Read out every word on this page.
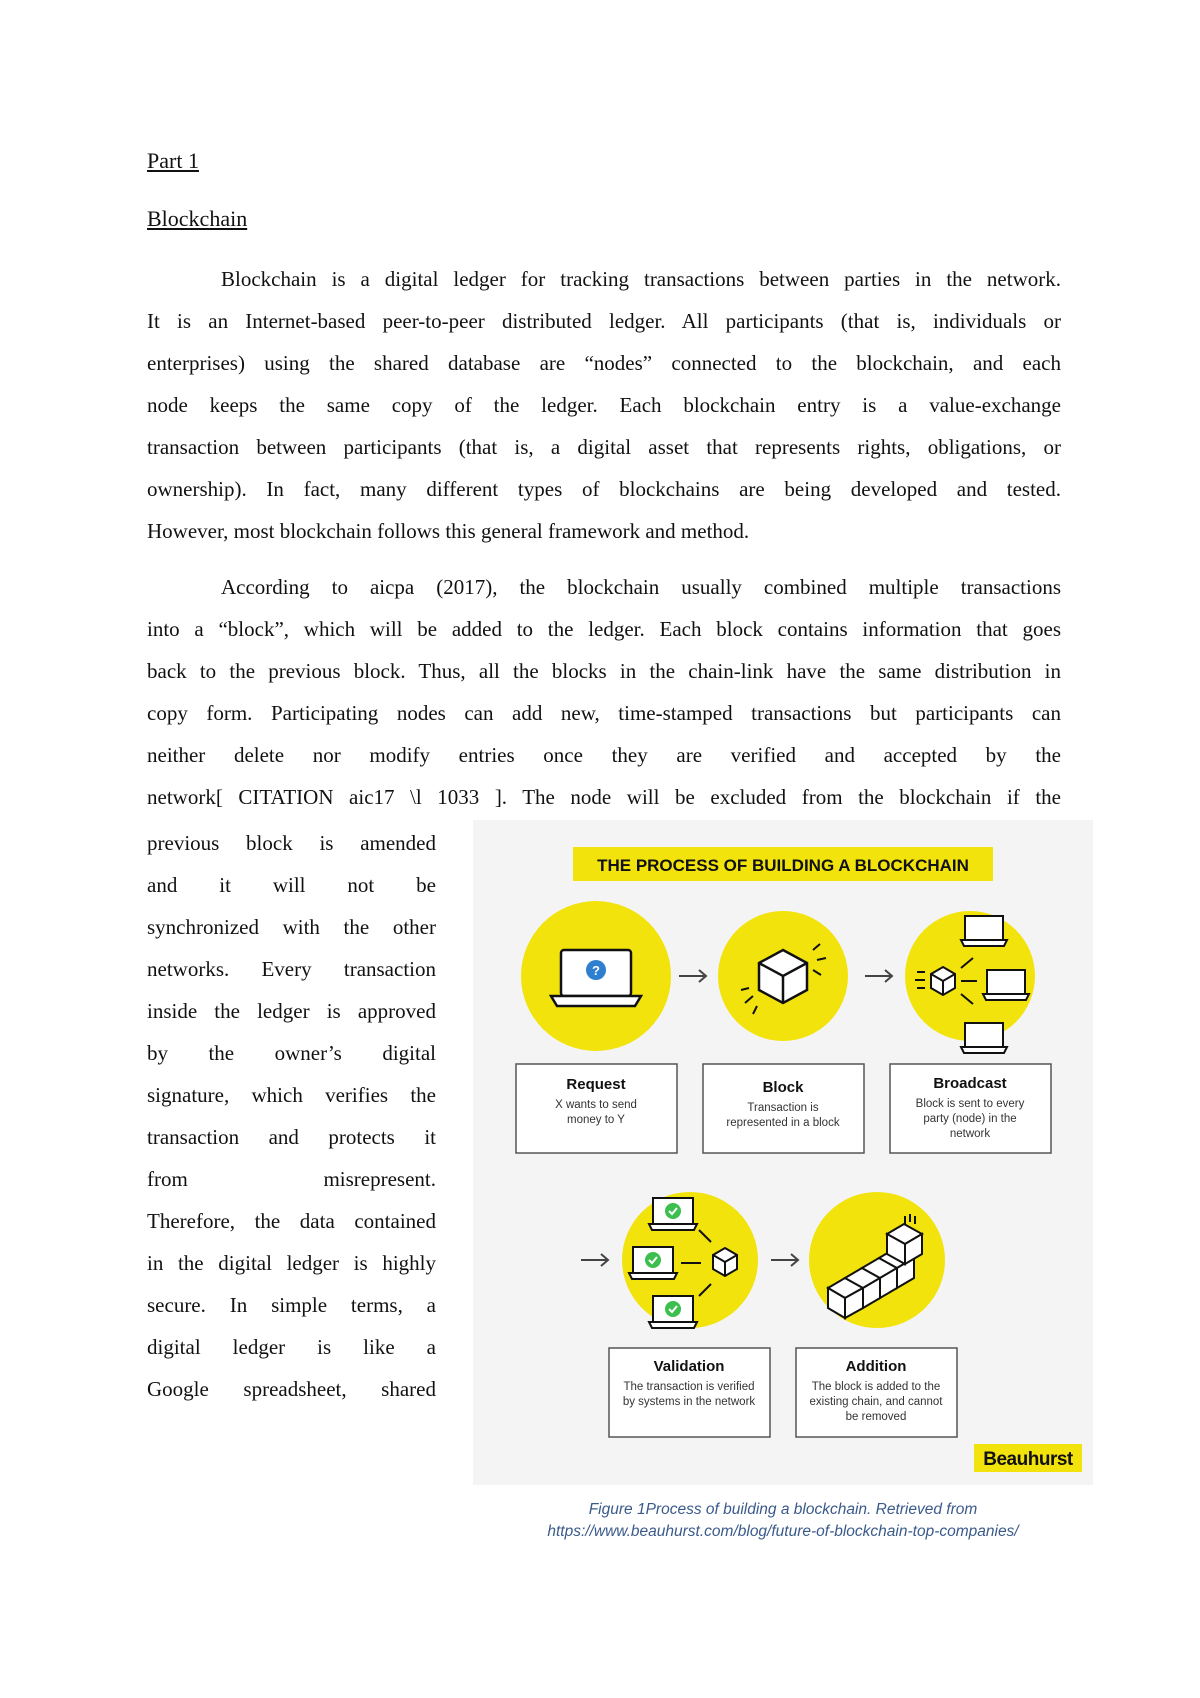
Part 1
Blockchain
Blockchain is a digital ledger for tracking transactions between parties in the network.
It is an Internet-based peer-to-peer distributed ledger. All participants (that is, individuals or
enterprises) using the shared database are “nodes” connected to the blockchain, and each
node keeps the same copy of the ledger. Each blockchain entry is a value-exchange
transaction between participants (that is, a digital asset that represents rights, obligations, or
ownership). In fact, many different types of blockchains are being developed and tested.
However, most blockchain follows this general framework and method.
According to aicpa (2017), the blockchain usually combined multiple transactions
into a “block”, which will be added to the ledger. Each block contains information that goes
back to the previous block. Thus, all the blocks in the chain-link have the same distribution in
copy form. Participating nodes can add new, time-stamped transactions but participants can
neither delete nor modify entries once they are verified and accepted by the
network[ CITATION aic17 \l 1033 ]. The node will be excluded from the blockchain if the
previous block is amended
and it will not be
synchronized with the other
networks. Every transaction
inside the ledger is approved
by the owner’s digital
signature, which verifies the
transaction and protects it
from misrepresent.
Therefore, the data contained
in the digital ledger is highly
secure. In simple terms, a
digital ledger is like a
Google spreadsheet, shared
THE PROCESS OF BUILDING A BLOCKCHAIN
?
Request
X wants to send
money to Y
Block
Transaction is
represented in a block
Broadcast
Block is sent to every
party (node) in the
network
Validation
The transaction is verified
by systems in the network
Addition
The block is added to the
existing chain, and cannot
be removed
Beauhurst
Figure 1Process of building a blockchain. Retrieved from
https://www.beauhurst.com/blog/future-of-blockchain-top-companies/
